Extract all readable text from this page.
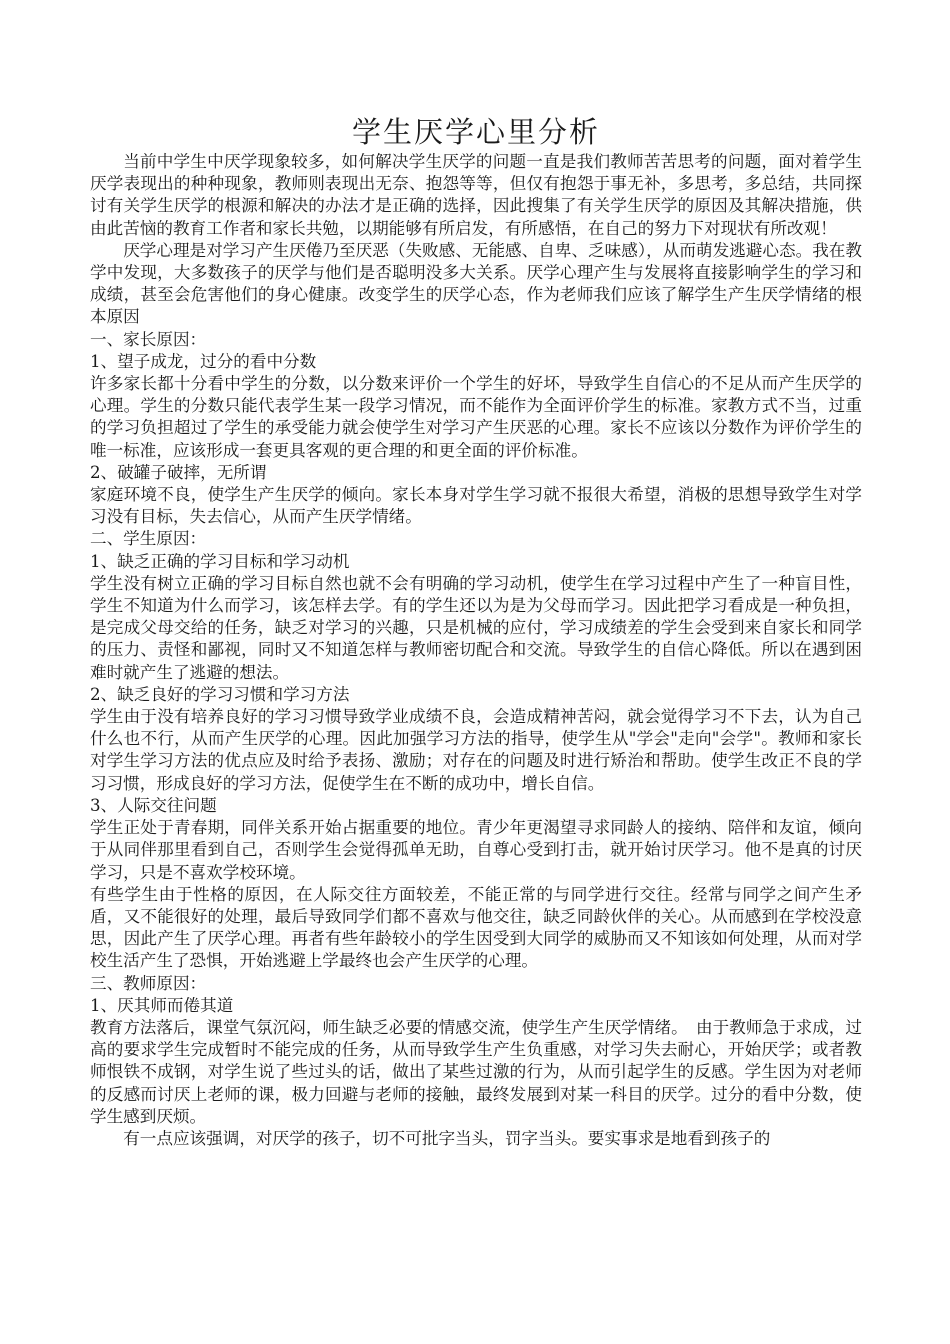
学生厌学心里分析

当前中学生中厌学现象较多，如何解决学生厌学的问题一直是我们教师苦苦思考的问题，面对着学生厌学表现出的种种现象，教师则表现出无奈、抱怨等等，但仅有抱怨于事无补，多思考，多总结，共同探讨有关学生厌学的根源和解决的办法才是正确的选择，因此搜集了有关学生厌学的原因及其解决措施，供由此苦恼的教育工作者和家长共勉，以期能够有所启发，有所感悟，在自己的努力下对现状有所改观！

厌学心理是对学习产生厌倦乃至厌恶（失败感、无能感、自卑、乏味感），从而萌发逃避心态。我在教学中发现，大多数孩子的厌学与他们是否聪明没多大关系。厌学心理产生与发展将直接影响学生的学习和成绩，甚至会危害他们的身心健康。改变学生的厌学心态，作为老师我们应该了解学生产生厌学情绪的根本原因

一、家长原因：

1、望子成龙，过分的看中分数

许多家长都十分看中学生的分数，以分数来评价一个学生的好坏，导致学生自信心的不足从而产生厌学的心理。学生的分数只能代表学生某一段学习情况，而不能作为全面评价学生的标准。家教方式不当，过重的学习负担超过了学生的承受能力就会使学生对学习产生厌恶的心理。家长不应该以分数作为评价学生的唯一标准，应该形成一套更具客观的更合理的和更全面的评价标准。

2、破罐子破摔，无所谓

家庭环境不良，使学生产生厌学的倾向。家长本身对学生学习就不报很大希望，消极的思想导致学生对学习没有目标，失去信心，从而产生厌学情绪。

二、学生原因：

1、缺乏正确的学习目标和学习动机

学生没有树立正确的学习目标自然也就不会有明确的学习动机，使学生在学习过程中产生了一种盲目性，学生不知道为什么而学习，该怎样去学。有的学生还以为是为父母而学习。因此把学习看成是一种负担，是完成父母交给的任务，缺乏对学习的兴趣，只是机械的应付，学习成绩差的学生会受到来自家长和同学的压力、责怪和鄙视，同时又不知道怎样与教师密切配合和交流。导致学生的自信心降低。所以在遇到困难时就产生了逃避的想法。

2、缺乏良好的学习习惯和学习方法

学生由于没有培养良好的学习习惯导致学业成绩不良，会造成精神苦闷，就会觉得学习不下去，认为自己什么也不行，从而产生厌学的心理。因此加强学习方法的指导，使学生从"学会"走向"会学"。教师和家长对学生学习方法的优点应及时给予表扬、激励；对存在的问题及时进行矫治和帮助。使学生改正不良的学习习惯，形成良好的学习方法，促使学生在不断的成功中，增长自信。

3、人际交往问题

学生正处于青春期，同伴关系开始占据重要的地位。青少年更渴望寻求同龄人的接纳、陪伴和友谊，倾向于从同伴那里看到自己，否则学生会觉得孤单无助，自尊心受到打击，就开始讨厌学习。他不是真的讨厌学习，只是不喜欢学校环境。

有些学生由于性格的原因，在人际交往方面较差，不能正常的与同学进行交往。经常与同学之间产生矛盾，又不能很好的处理，最后导致同学们都不喜欢与他交往，缺乏同龄伙伴的关心。从而感到在学校没意思，因此产生了厌学心理。再者有些年龄较小的学生因受到大同学的威胁而又不知该如何处理，从而对学校生活产生了恐惧，开始逃避上学最终也会产生厌学的心理。

三、教师原因：

1、厌其师而倦其道

教育方法落后，课堂气氛沉闷，师生缺乏必要的情感交流，使学生产生厌学情绪。　由于教师急于求成，过高的要求学生完成暂时不能完成的任务，从而导致学生产生负重感，对学习失去耐心，开始厌学；或者教师恨铁不成钢，对学生说了些过头的话，做出了某些过激的行为，从而引起学生的反感。学生因为对老师的反感而讨厌上老师的课，极力回避与老师的接触，最终发展到对某一科目的厌学。过分的看中分数，使学生感到厌烦。

有一点应该强调，对厌学的孩子，切不可批字当头，罚字当头。要实事求是地看到孩子的
